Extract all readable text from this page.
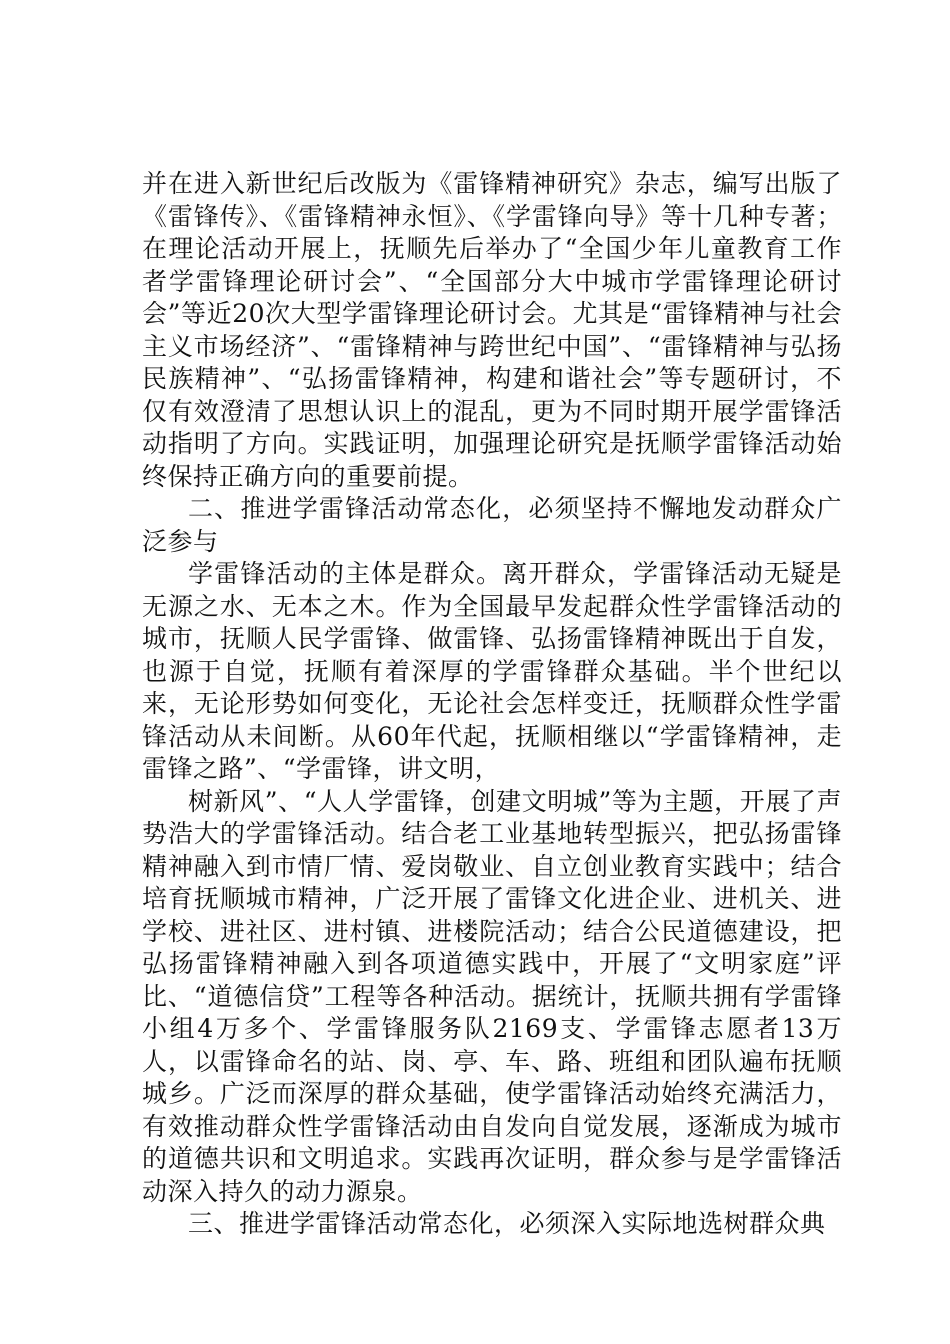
并在进入新世纪后改版为《雷锋精神研究》杂志，编写出版了《雷锋传》、《雷锋精神永恒》、《学雷锋向导》等十几种专著；在理论活动开展上，抚顺先后举办了“全国少年儿童教育工作者学雷锋理论研讨会”、“全国部分大中城市学雷锋理论研讨会”等近20次大型学雷锋理论研讨会。尤其是“雷锋精神与社会主义市场经济”、“雷锋精神与跨世纪中国”、“雷锋精神与弘扬民族精神”、“弘扬雷锋精神，构建和谐社会”等专题研讨，不仅有效澄清了思想认识上的混乱，更为不同时期开展学雷锋活动指明了方向。实践证明，加强理论研究是抚顺学雷锋活动始终保持正确方向的重要前提。

二、推进学雷锋活动常态化，必须坚持不懈地发动群众广泛参与

学雷锋活动的主体是群众。离开群众，学雷锋活动无疑是无源之水、无本之木。作为全国最早发起群众性学雷锋活动的城市，抚顺人民学雷锋、做雷锋、弘扬雷锋精神既出于自发，也源于自觉，抚顺有着深厚的学雷锋群众基础。半个世纪以来，无论形势如何变化，无论社会怎样变迁，抚顺群众性学雷锋活动从未间断。从60年代起，抚顺相继以“学雷锋精神，走雷锋之路”、“学雷锋，讲文明，

树新风”、“人人学雷锋，创建文明城”等为主题，开展了声势浩大的学雷锋活动。结合老工业基地转型振兴，把弘扬雷锋精神融入到市情厂情、爱岗敬业、自立创业教育实践中；结合培育抚顺城市精神，广泛开展了雷锋文化进企业、进机关、进学校、进社区、进村镇、进楼院活动；结合公民道德建设，把弘扬雷锋精神融入到各项道德实践中，开展了“文明家庭”评比、“道德信贷”工程等各种活动。据统计，抚顺共拥有学雷锋小组4万多个、学雷锋服务队2169支、学雷锋志愿者13万人，以雷锋命名的站、岗、亭、车、路、班组和团队遍布抚顺城乡。广泛而深厚的群众基础，使学雷锋活动始终充满活力，有效推动群众性学雷锋活动由自发向自觉发展，逐渐成为城市的道德共识和文明追求。实践再次证明，群众参与是学雷锋活动深入持久的动力源泉。

三、推进学雷锋活动常态化，必须深入实际地选树群众典
